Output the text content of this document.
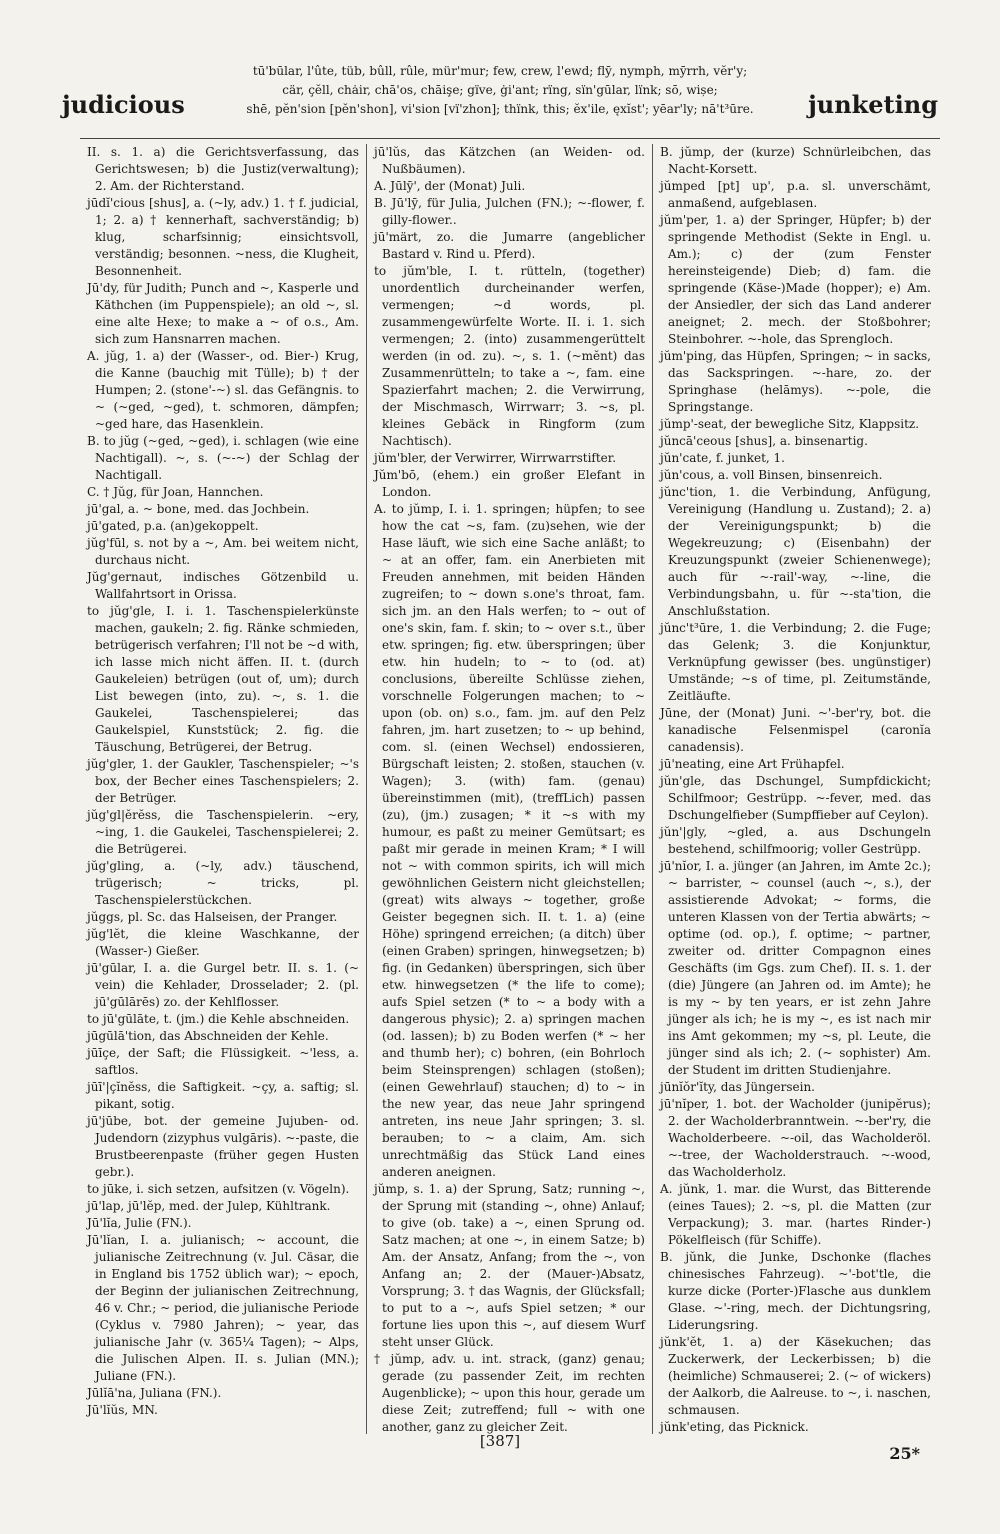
tū'būlar, l'ûte, tüb, bûll, rûle, mür'mur; few, crew, l'ewd; flȳ, nymph, mȳrrh, vĕr'y;
cär, çĕll, chȧir, chā'os, chāişe; gïve, ġi'ant; rïng, sïn'gūlar, lïnk; sō, wișe;
shē, pĕn'sion [pĕn'shon], vi'sion [vï'zhon]; thïnk, this; ĕx'ile, ęxĭst'; yēar'ly; nā't³ūre.
judicious	junketing

II. s. 1. a) die Gerichtsverfassung, das Gerichtswesen; b) die Justiz(verwaltung); 2. Am. der Richterstand.

jūdĭ'cious [shus], a. (~ly, adv.) 1. † f. judicial, 1; 2. a) † kennerhaft, sachverständig; b) klug, scharfsinnig; einsichtsvoll, verständig; besonnen. ~ness, die Klugheit, Besonnenheit.

Jū'dy, für Judith; Punch and ~, Kasperle und Käthchen (im Puppenspiele); an old ~, sl. eine alte Hexe; to make a ~ of o.s., Am. sich zum Hansnarren machen.

A. jŭg, 1. a) der (Wasser-, od. Bier-) Krug, die Kanne (bauchig mit Tülle); b) † der Humpen; 2. (stone'-~) sl. das Gefängnis. to ~ (~ged, ~ged), t. schmoren, dämpfen; ~ged hare, das Hasenklein.

B. to jŭg (~ged, ~ged), i. schlagen (wie eine Nachtigall). ~, s. (~-~) der Schlag der Nachtigall.

C. † Jŭg, für Joan, Hannchen.

jū'gal, a. ~ bone, med. das Jochbein.

jū'gated, p.a. (an)gekoppelt.

jŭg'fūl, s. not by a ~, Am. bei weitem nicht, durchaus nicht.

Jŭg'gernaut, indisches Götzenbild u. Wallfahrtsort in Orissa.

to jŭg'gle, I. i. 1. Taschenspielerkünste machen, gaukeln; 2. fig. Ränke schmieden, betrügerisch verfahren; I'll not be ~d with, ich lasse mich nicht äffen. II. t. (durch Gaukeleien) betrügen (out of, um); durch List bewegen (into, zu). ~, s. 1. die Gaukelei, Taschenspielerei; das Gaukelspiel, Kunststück; 2. fig. die Täuschung, Betrügerei, der Betrug.

jŭg'gler, 1. der Gaukler, Taschenspieler; ~'s box, der Becher eines Taschenspielers; 2. der Betrüger.

jŭg'gl|ĕrĕss, die Taschenspielerin. ~ery, ~ing, 1. die Gaukelei, Taschenspielerei; 2. die Betrügerei.

jŭg'gling, a. (~ly, adv.) täuschend, trügerisch; ~ tricks, pl. Taschenspielerstückchen.

jŭggs, pl. Sc. das Halseisen, der Pranger.

jŭg'lĕt, die kleine Waschkanne, der (Wasser-) Gießer.

jū'gūlar, I. a. die Gurgel betr. II. s. 1. (~ vein) die Kehlader, Drosselader; 2. (pl. jū'gūlārēs) zo. der Kehlflosser.

to jū'gūlāte, t. (jm.) die Kehle abschneiden.

jūgūlā'tion, das Abschneiden der Kehle.

jūīçe, der Saft; die Flüssigkeit. ~'less, a. saftlos.

jūī'|çĭnĕss, die Saftigkeit. ~çy, a. saftig; sl. pikant, sotig.

jū'jūbe, bot. der gemeine Jujuben- od. Judendorn (zizyphus vulgāris). ~-paste, die Brustbeerenpaste (früher gegen Husten gebr.).

to jūke, i. sich setzen, aufsitzen (v. Vögeln).

jū'lap, jū'lĕp, med. der Julep, Kühltrank.

Jū'lĭa, Julie (FN.).

Jū'lĭan, I. a. julianisch; ~ account, die julianische Zeitrechnung (v. Jul. Cäsar, die in England bis 1752 üblich war); ~ epoch, der Beginn der julianischen Zeitrechnung, 46 v. Chr.; ~ period, die julianische Periode (Cyklus v. 7980 Jahren); ~ year, das julianische Jahr (v. 365¼ Tagen); ~ Alps, die Julischen Alpen. II. s. Julian (MN.); Juliane (FN.).

Jūlĭā'na, Juliana (FN.).

Jū'lĭŭs, MN.

jū'lŭs, das Kätzchen (an Weiden- od. Nußbäumen).

A. Jūlȳ', der (Monat) Juli.

B. Jū'lȳ, für Julia, Julchen (FN.); ~-flower, f. gilly-flower..

jū'märt, zo. die Jumarre (angeblicher Bastard v. Rind u. Pferd).

to jŭm'ble, I. t. rütteln, (together) unordentlich durcheinander werfen, vermengen; ~d words, pl. zusammengewürfelte Worte. II. i. 1. sich vermengen; 2. (into) zusammengerüttelt werden (in od. zu). ~, s. 1. (~mĕnt) das Zusammenrütteln; to take a ~, fam. eine Spazierfahrt machen; 2. die Verwirrung, der Mischmasch, Wirrwarr; 3. ~s, pl. kleines Gebäck in Ringform (zum Nachtisch).

jŭm'bler, der Verwirrer, Wirrwarrstifter.

Jŭm'bō, (ehem.) ein großer Elefant in London.

A. to jŭmp, I. i. 1. springen; hüpfen; to see how the cat ~s, fam. (zu)sehen, wie der Hase läuft, wie sich eine Sache anläßt; to ~ at an offer, fam. ein Anerbieten mit Freuden annehmen, mit beiden Händen zugreifen; to ~ down s.one's throat, fam. sich jm. an den Hals werfen; to ~ out of one's skin, fam. f. skin; to ~ over s.t., über etw. springen; fig. etw. überspringen; über etw. hin hudeln; to ~ to (od. at) conclusions, übereilte Schlüsse ziehen, vorschnelle Folgerungen machen; to ~ upon (ob. on) s.o., fam. jm. auf den Pelz fahren, jm. hart zusetzen; to ~ up behind, com. sl. (einen Wechsel) endossieren, Bürgschaft leisten; 2. stoßen, stauchen (v. Wagen); 3. (with) fam. (genau) übereinstimmen (mit), (treffLich) passen (zu), (jm.) zusagen; * it ~s with my humour, es paßt zu meiner Gemütsart; es paßt mir gerade in meinen Kram; * I will not ~ with common spirits, ich will mich gewöhnlichen Geistern nicht gleichstellen; (great) wits always ~ together, große Geister begegnen sich. II. t. 1. a) (eine Höhe) springend erreichen; (a ditch) über (einen Graben) springen, hinwegsetzen; b) fig. (in Gedanken) überspringen, sich über etw. hinwegsetzen (* the life to come); aufs Spiel setzen (* to ~ a body with a dangerous physic); 2. a) springen machen (od. lassen); b) zu Boden werfen (* ~ her and thumb her); c) bohren, (ein Bohrloch beim Steinsprengen) schlagen (stoßen); (einen Gewehrlauf) stauchen; d) to ~ in the new year, das neue Jahr springend antreten, ins neue Jahr springen; 3. sl. berauben; to ~ a claim, Am. sich unrechtmäßig das Stück Land eines anderen aneignen.

jŭmp, s. 1. a) der Sprung, Satz; running ~, der Sprung mit (standing ~, ohne) Anlauf; to give (ob. take) a ~, einen Sprung od. Satz machen; at one ~, in einem Satze; b) Am. der Ansatz, Anfang; from the ~, von Anfang an; 2. der (Mauer-)Absatz, Vorsprung; 3. † das Wagnis, der Glücksfall; to put to a ~, aufs Spiel setzen; * our fortune lies upon this ~, auf diesem Wurf steht unser Glück.

† jŭmp, adv. u. int. strack, (ganz) genau; gerade (zu passender Zeit, im rechten Augenblicke); ~ upon this hour, gerade um diese Zeit; zutreffend; full ~ with one another, ganz zu gleicher Zeit.

B. jŭmp, der (kurze) Schnürleibchen, das Nacht-Korsett.

jŭmped [pt] up', p.a. sl. unverschämt, anmaßend, aufgeblasen.

jŭm'per, 1. a) der Springer, Hüpfer; b) der springende Methodist (Sekte in Engl. u. Am.); c) der (zum Fenster hereinsteigende) Dieb; d) fam. die springende (Käse-)Made (hopper); e) Am. der Ansiedler, der sich das Land anderer aneignet; 2. mech. der Stoßbohrer; Steinbohrer. ~-hole, das Sprengloch.

jŭm'ping, das Hüpfen, Springen; ~ in sacks, das Sackspringen. ~-hare, zo. der Springhase (helāmys). ~-pole, die Springstange.

jŭmp'-seat, der bewegliche Sitz, Klappsitz.

jŭncā'ceous [shus], a. binsenartig.

jŭn'cate, f. junket, 1.

jŭn'cous, a. voll Binsen, binsenreich.

jŭnc'tion, 1. die Verbindung, Anfügung, Vereinigung (Handlung u. Zustand); 2. a) der Vereinigungspunkt; b) die Wegekreuzung; c) (Eisenbahn) der Kreuzungspunkt (zweier Schienenwege); auch für ~-rail'-way, ~-line, die Verbindungsbahn, u. für ~-sta'tion, die Anschlußstation.

jŭnc't³ūre, 1. die Verbindung; 2. die Fuge; das Gelenk; 3. die Konjunktur, Verknüpfung gewisser (bes. ungünstiger) Umstände; ~s of time, pl. Zeitumstände, Zeitläufte.

Jūne, der (Monat) Juni. ~'-ber'ry, bot. die kanadische Felsenmispel (caronĭa canadensis).

jū'neating, eine Art Frühapfel.

jŭn'gle, das Dschungel, Sumpfdickicht; Schilfmoor; Gestrüpp. ~-fever, med. das Dschungelfieber (Sumpffieber auf Ceylon).

jŭn'|gly, ~gled, a. aus Dschungeln bestehend, schilfmoorig; voller Gestrüpp.

jū'nĭor, I. a. jünger (an Jahren, im Amte 2c.); ~ barrister, ~ counsel (auch ~, s.), der assistierende Advokat; ~ forms, die unteren Klassen von der Tertia abwärts; ~ optime (od. op.), f. optime; ~ partner, zweiter od. dritter Compagnon eines Geschäfts (im Ggs. zum Chef). II. s. 1. der (die) Jüngere (an Jahren od. im Amte); he is my ~ by ten years, er ist zehn Jahre jünger als ich; he is my ~, es ist nach mir ins Amt gekommen; my ~s, pl. Leute, die jünger sind als ich; 2. (~ sophister) Am. der Student im dritten Studienjahre.

jūnĭŏr'ĭty, das Jüngersein.

jū'nĭper, 1. bot. der Wacholder (junipĕrus); 2. der Wacholderbranntwein. ~-ber'ry, die Wacholderbeere. ~-oil, das Wacholderöl. ~-tree, der Wacholderstrauch. ~-wood, das Wacholderholz.

A. jŭnk, 1. mar. die Wurst, das Bitterende (eines Taues); 2. ~s, pl. die Matten (zur Verpackung); 3. mar. (hartes Rinder-) Pökelfleisch (für Schiffe).

B. jŭnk, die Junke, Dschonke (flaches chinesisches Fahrzeug). ~'-bot'tle, die kurze dicke (Porter-)Flasche aus dunklem Glase. ~'-ring, mech. der Dichtungsring, Liderungsring.

jŭnk'ĕt, 1. a) der Käsekuchen; das Zuckerwerk, der Leckerbissen; b) die (heimliche) Schmauserei; 2. (~ of wickers) der Aalkorb, die Aalreuse. to ~, i. naschen, schmausen.

jŭnk'eting, das Picknick.

[387]
25*
